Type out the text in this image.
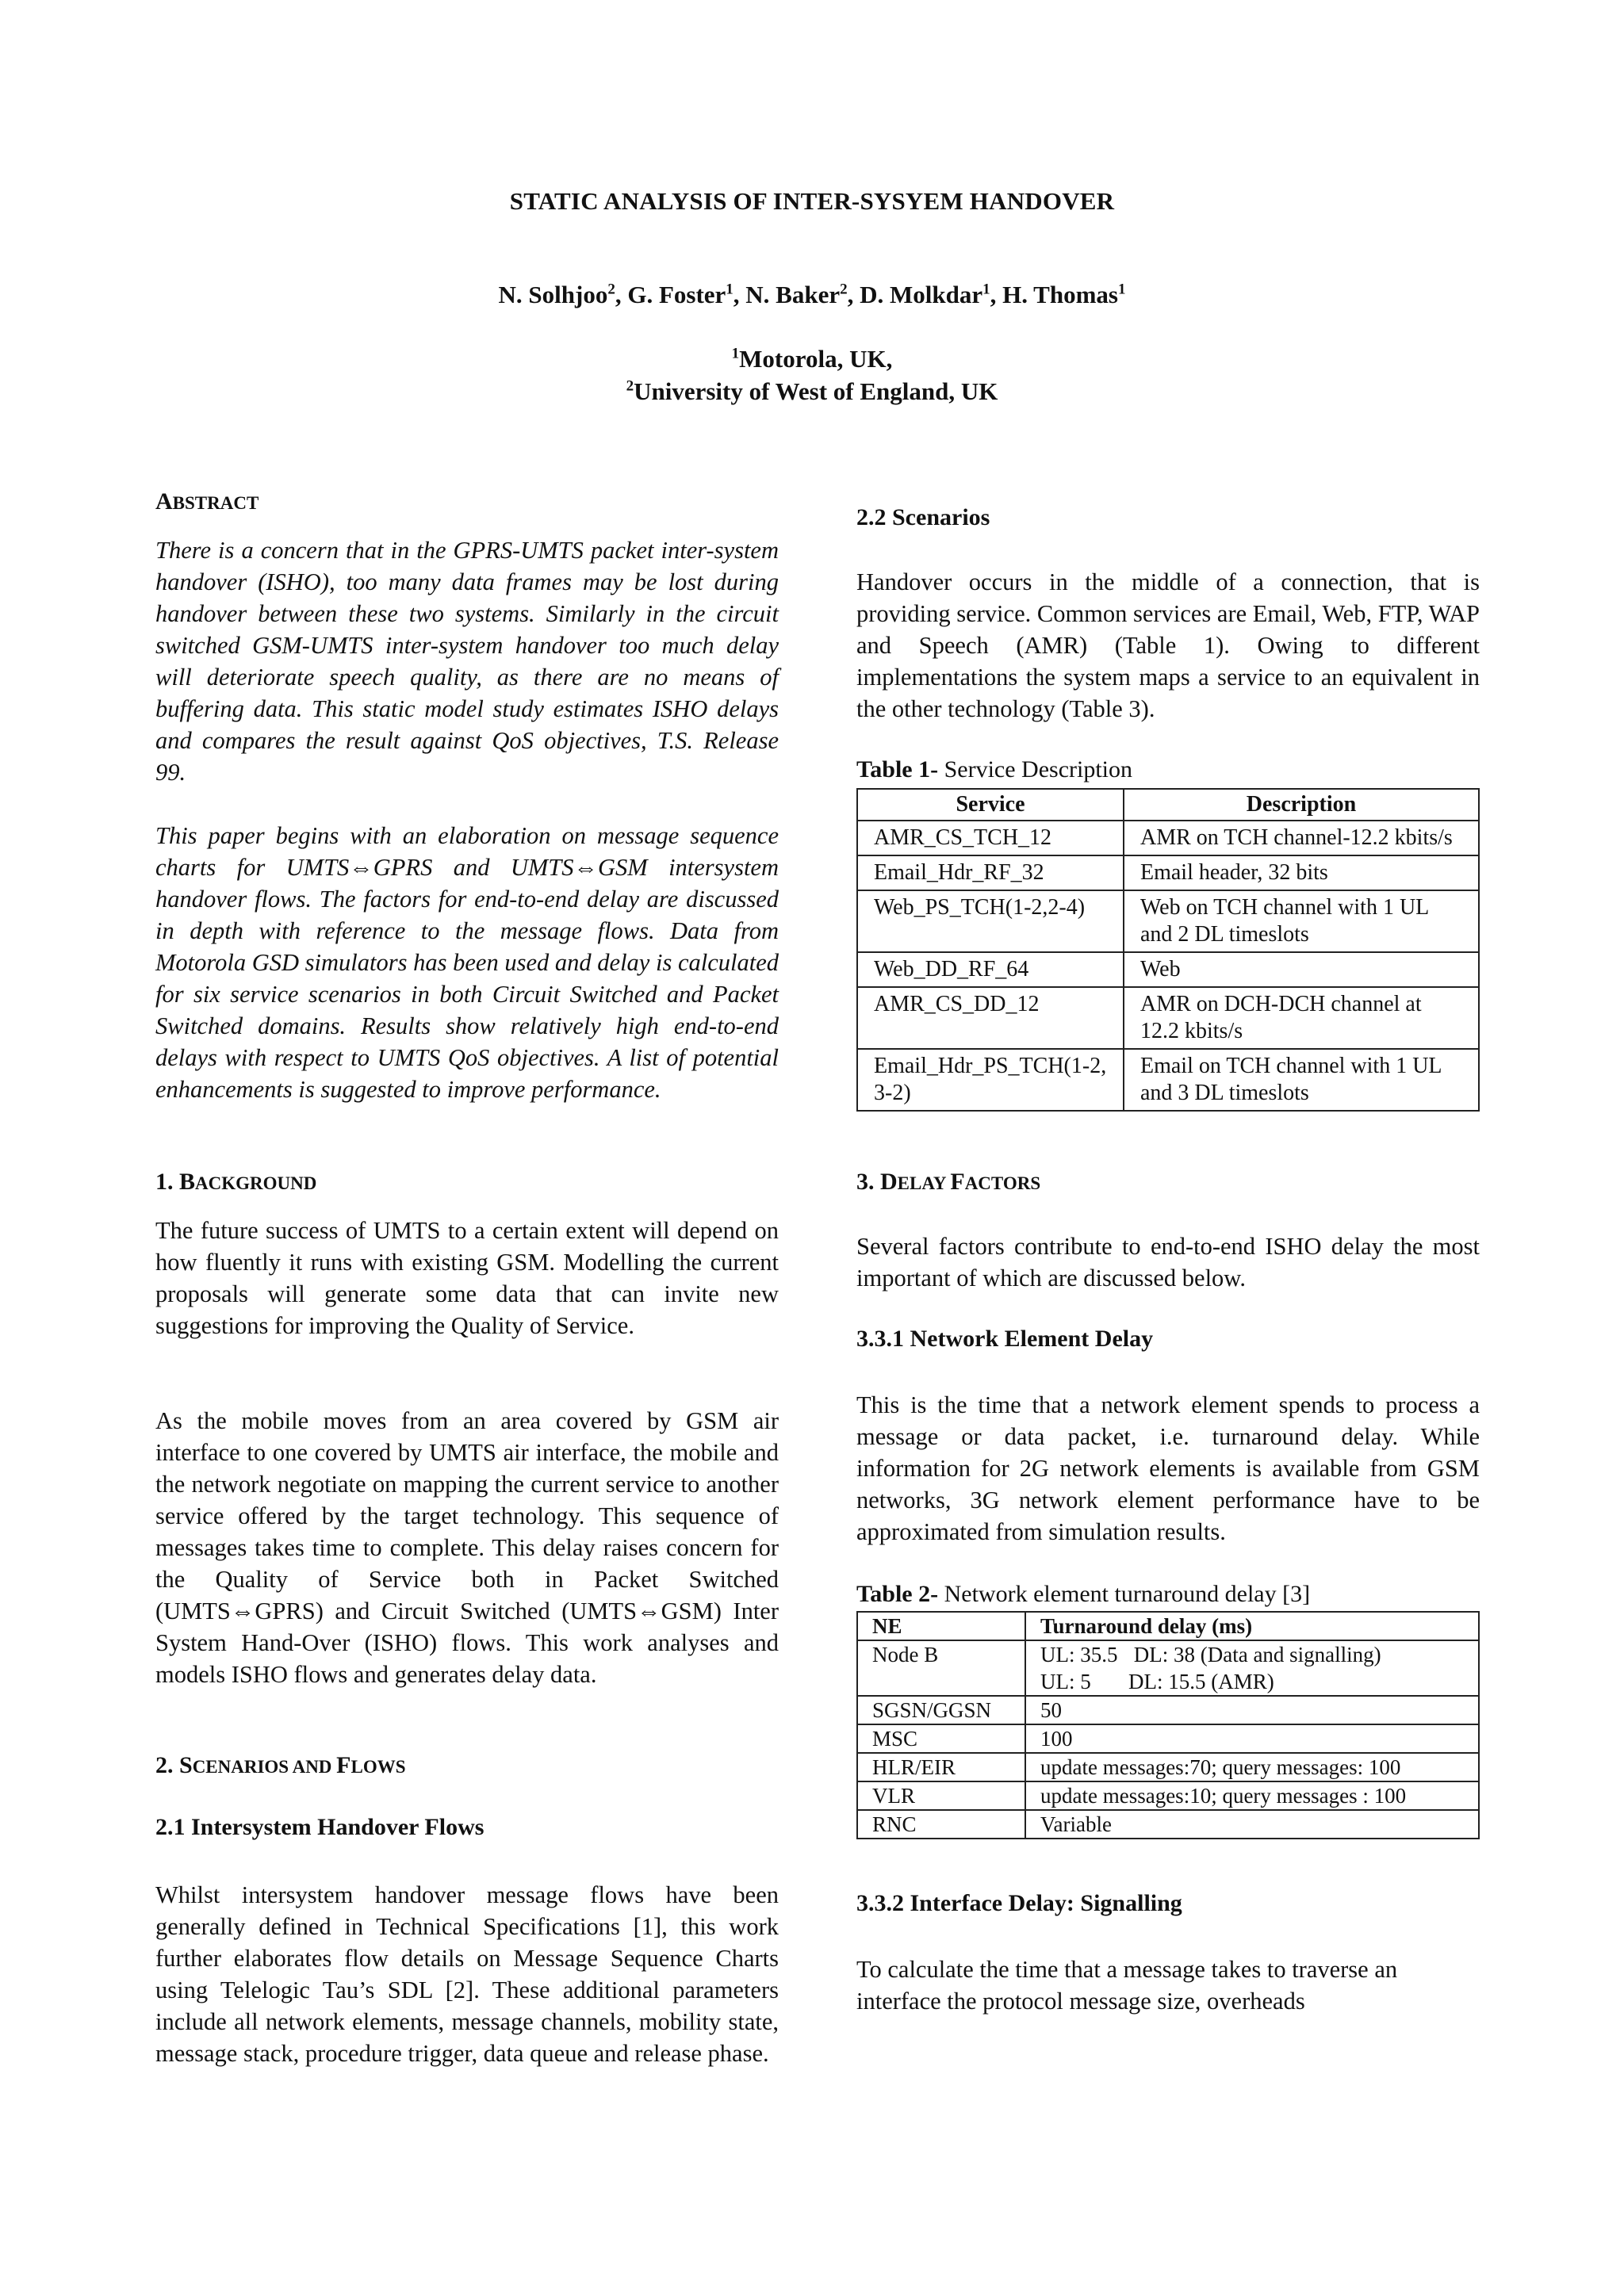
STATIC ANALYSIS OF INTER-SYSYEM HANDOVER
N. Solhjoo$^2$, G. Foster$^1$, N. Baker$^2$, D. Molkdar$^1$, H. Thomas$^1$
$^1$Motorola, UK,
$^2$University of West of England, UK
ABSTRACT

There is a concern that in the GPRS-UMTS packet inter-system handover (ISHO), too many data frames may be lost during handover between these two systems. Similarly in the circuit switched GSM-UMTS inter-system handover too much delay will deteriorate speech quality, as there are no means of buffering data. This static model study estimates ISHO delays and compares the result against QoS objectives, T.S. Release 99.

This paper begins with an elaboration on message sequence charts for UMTS⇔GPRS and UMTS⇔GSM intersystem handover flows. The factors for end-to-end delay are discussed in depth with reference to the message flows. Data from Motorola GSD simulators has been used and delay is calculated for six service scenarios in both Circuit Switched and Packet Switched domains. Results show relatively high end-to-end delays with respect to UMTS QoS objectives. A list of potential enhancements is suggested to improve performance.

1. BACKGROUND

The future success of UMTS to a certain extent will depend on how fluently it runs with existing GSM. Modelling the current proposals will generate some data that can invite new suggestions for improving the Quality of Service.

As the mobile moves from an area covered by GSM air interface to one covered by UMTS air interface, the mobile and the network negotiate on mapping the current service to another service offered by the target technology. This sequence of messages takes time to complete. This delay raises concern for the Quality of Service both in Packet Switched (UMTS⇔GPRS) and Circuit Switched (UMTS⇔GSM) Inter System Hand-Over (ISHO) flows. This work analyses and models ISHO flows and generates delay data.

2. SCENARIOS AND FLOWS

2.1 Intersystem Handover Flows

Whilst intersystem handover message flows have been generally defined in Technical Specifications [1], this work further elaborates flow details on Message Sequence Charts using Telelogic Tau’s SDL [2]. These additional parameters include all network elements, message channels, mobility state, message stack, procedure trigger, data queue and release phase.

2.2 Scenarios

Handover occurs in the middle of a connection, that is providing service. Common services are Email, Web, FTP, WAP and Speech (AMR) (Table 1). Owing to different implementations the system maps a service to an equivalent in the other technology (Table 3).

Table 1- Service Description

Service	Description
AMR_CS_TCH_12	AMR on TCH channel-12.2 kbits/s
Email_Hdr_RF_32	Email header, 32 bits
Web_PS_TCH(1-2,2-4)	Web on TCH channel with 1 UL and 2 DL timeslots
Web_DD_RF_64	Web
AMR_CS_DD_12	AMR on DCH-DCH channel at 12.2 kbits/s
Email_Hdr_PS_TCH(1-2,3-2)	Email on TCH channel with 1 UL and 3 DL timeslots
3. DELAY FACTORS

Several factors contribute to end-to-end ISHO delay the most important of which are discussed below.

3.3.1 Network Element Delay

This is the time that a network element spends to process a message or data packet, i.e. turnaround delay. While information for 2G network elements is available from GSM networks, 3G network element performance have to be approximated from simulation results.

Table 2- Network element turnaround delay [3]

NE	Turnaround delay (ms)
Node B	UL: 35.5   DL: 38 (Data and signalling)
UL: 5       DL: 15.5 (AMR)

SGSN/GGSN	50
MSC	100
HLR/EIR	update messages:70; query messages: 100
VLR	update messages:10; query messages : 100
RNC	Variable

3.3.2 Interface Delay: Signalling

To calculate the time that a message takes to traverse an interface the protocol message size, overheads
